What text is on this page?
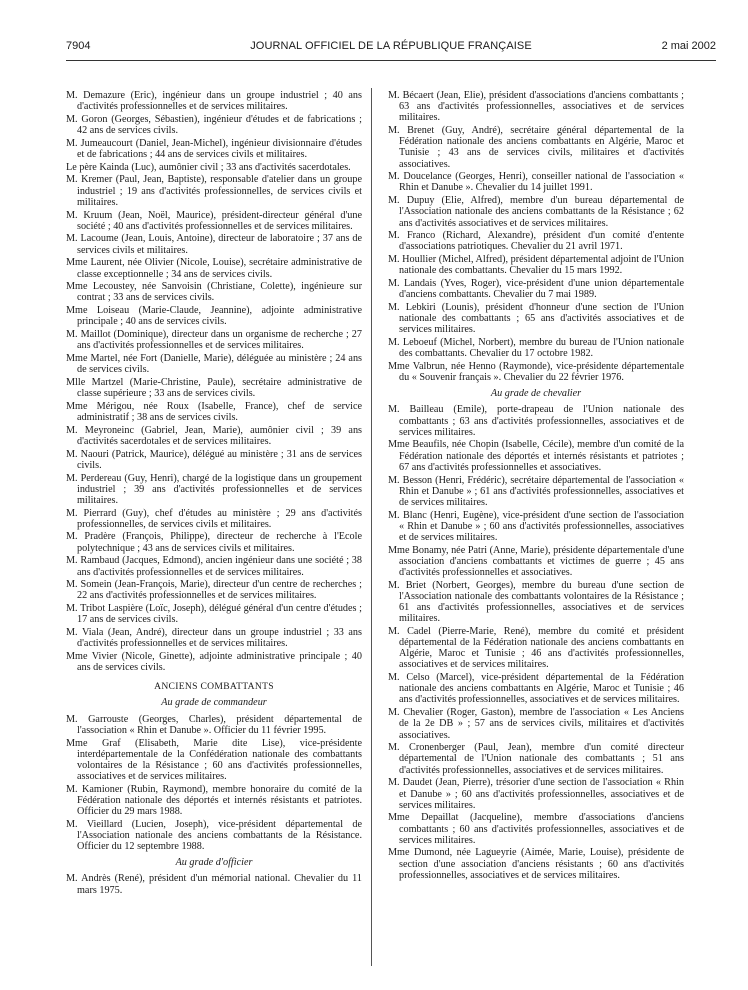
7904	JOURNAL OFFICIEL DE LA RÉPUBLIQUE FRANÇAISE	2 mai 2002

M. Demazure (Eric), ingénieur dans un groupe industriel ; 40 ans d'activités professionnelles et de services militaires.

M. Goron (Georges, Sébastien), ingénieur d'études et de fabrications ; 42 ans de services civils.

M. Jumeaucourt (Daniel, Jean-Michel), ingénieur divisionnaire d'études et de fabrications ; 44 ans de services civils et militaires.

Le père Kainda (Luc), aumônier civil ; 33 ans d'activités sacerdotales.

M. Kremer (Paul, Jean, Baptiste), responsable d'atelier dans un groupe industriel ; 19 ans d'activités professionnelles, de services civils et militaires.

M. Kruum (Jean, Noël, Maurice), président-directeur général d'une société ; 40 ans d'activités professionnelles et de services militaires.

M. Lacoume (Jean, Louis, Antoine), directeur de laboratoire ; 37 ans de services civils et militaires.

Mme Laurent, née Olivier (Nicole, Louise), secrétaire administrative de classe exceptionnelle ; 34 ans de services civils.

Mme Lecoustey, née Sanvoisin (Christiane, Colette), ingénieure sur contrat ; 33 ans de services civils.

Mme Loiseau (Marie-Claude, Jeannine), adjointe administrative principale ; 40 ans de services civils.

M. Maillot (Dominique), directeur dans un organisme de recherche ; 27 ans d'activités professionnelles et de services militaires.

Mme Martel, née Fort (Danielle, Marie), déléguée au ministère ; 24 ans de services civils.

Mlle Martzel (Marie-Christine, Paule), secrétaire administrative de classe supérieure ; 33 ans de services civils.

Mme Mérigou, née Roux (Isabelle, France), chef de service administratif ; 38 ans de services civils.

M. Meyroneinc (Gabriel, Jean, Marie), aumônier civil ; 39 ans d'activités sacerdotales et de services militaires.

M. Naouri (Patrick, Maurice), délégué au ministère ; 31 ans de services civils.

M. Perdereau (Guy, Henri), chargé de la logistique dans un groupement industriel ; 39 ans d'activités professionnelles et de services militaires.

M. Pierrard (Guy), chef d'études au ministère ; 29 ans d'activités professionnelles, de services civils et militaires.

M. Pradère (François, Philippe), directeur de recherche à l'Ecole polytechnique ; 43 ans de services civils et militaires.

M. Rambaud (Jacques, Edmond), ancien ingénieur dans une société ; 38 ans d'activités professionnelles et de services militaires.

M. Somein (Jean-François, Marie), directeur d'un centre de recherches ; 22 ans d'activités professionnelles et de services militaires.

M. Tribot Laspière (Loïc, Joseph), délégué général d'un centre d'études ; 17 ans de services civils.

M. Viala (Jean, André), directeur dans un groupe industriel ; 33 ans d'activités professionnelles et de services militaires.

Mme Vivier (Nicole, Ginette), adjointe administrative principale ; 40 ans de services civils.

ANCIENS COMBATTANTS
Au grade de commandeur

M. Garrouste (Georges, Charles), président départemental de l'association « Rhin et Danube ». Officier du 11 février 1995.

Mme Graf (Elisabeth, Marie dite Lise), vice-présidente interdépartementale de la Confédération nationale des combattants volontaires de la Résistance ; 60 ans d'activités professionnelles, associatives et de services militaires.

M. Kamioner (Rubin, Raymond), membre honoraire du comité de la Fédération nationale des déportés et internés résistants et patriotes. Officier du 29 mars 1988.

M. Vieillard (Lucien, Joseph), vice-président départemental de l'Association nationale des anciens combattants de la Résistance. Officier du 12 septembre 1988.

Au grade d'officier

M. Andrès (René), président d'un mémorial national. Chevalier du 11 mars 1975.

M. Bécaert (Jean, Elie), président d'associations d'anciens combattants ; 63 ans d'activités professionnelles, associatives et de services militaires.

M. Brenet (Guy, André), secrétaire général départemental de la Fédération nationale des anciens combattants en Algérie, Maroc et Tunisie ; 43 ans de services civils, militaires et d'activités associatives.

M. Doucelance (Georges, Henri), conseiller national de l'association « Rhin et Danube ». Chevalier du 14 juillet 1991.

M. Dupuy (Elie, Alfred), membre d'un bureau départemental de l'Association nationale des anciens combattants de la Résistance ; 62 ans d'activités associatives et de services militaires.

M. Franco (Richard, Alexandre), président d'un comité d'entente d'associations patriotiques. Chevalier du 21 avril 1971.

M. Houllier (Michel, Alfred), président départemental adjoint de l'Union nationale des combattants. Chevalier du 15 mars 1992.

M. Landais (Yves, Roger), vice-président d'une union départementale d'anciens combattants. Chevalier du 7 mai 1989.

M. Lebkiri (Lounis), président d'honneur d'une section de l'Union nationale des combattants ; 65 ans d'activités associatives et de services militaires.

M. Leboeuf (Michel, Norbert), membre du bureau de l'Union nationale des combattants. Chevalier du 17 octobre 1982.

Mme Valbrun, née Henno (Raymonde), vice-présidente départementale du « Souvenir français ». Chevalier du 22 février 1976.

Au grade de chevalier

M. Bailleau (Emile), porte-drapeau de l'Union nationale des combattants ; 63 ans d'activités professionnelles, associatives et de services militaires.

Mme Beaufils, née Chopin (Isabelle, Cécile), membre d'un comité de la Fédération nationale des déportés et internés résistants et patriotes ; 67 ans d'activités professionnelles et associatives.

M. Besson (Henri, Frédéric), secrétaire départemental de l'association « Rhin et Danube » ; 61 ans d'activités professionnelles, associatives et de services militaires.

M. Blanc (Henri, Eugène), vice-président d'une section de l'association « Rhin et Danube » ; 60 ans d'activités professionnelles, associatives et de services militaires.

Mme Bonamy, née Patri (Anne, Marie), présidente départementale d'une association d'anciens combattants et victimes de guerre ; 45 ans d'activités professionnelles et associatives.

M. Briet (Norbert, Georges), membre du bureau d'une section de l'Association nationale des combattants volontaires de la Résistance ; 61 ans d'activités professionnelles, associatives et de services militaires.

M. Cadel (Pierre-Marie, René), membre du comité et président départemental de la Fédération nationale des anciens combattants en Algérie, Maroc et Tunisie ; 46 ans d'activités professionnelles, associatives et de services militaires.

M. Celso (Marcel), vice-président départemental de la Fédération nationale des anciens combattants en Algérie, Maroc et Tunisie ; 46 ans d'activités professionnelles, associatives et de services militaires.

M. Chevalier (Roger, Gaston), membre de l'association « Les Anciens de la 2e DB » ; 57 ans de services civils, militaires et d'activités associatives.

M. Cronenberger (Paul, Jean), membre d'un comité directeur départemental de l'Union nationale des combattants ; 51 ans d'activités professionnelles, associatives et de services militaires.

M. Daudet (Jean, Pierre), trésorier d'une section de l'association « Rhin et Danube » ; 60 ans d'activités professionnelles, associatives et de services militaires.

Mme Depaillat (Jacqueline), membre d'associations d'anciens combattants ; 60 ans d'activités professionnelles, associatives et de services militaires.

Mme Dumond, née Lagueyrie (Aimée, Marie, Louise), présidente de section d'une association d'anciens résistants ; 60 ans d'activités professionnelles, associatives et de services militaires.
